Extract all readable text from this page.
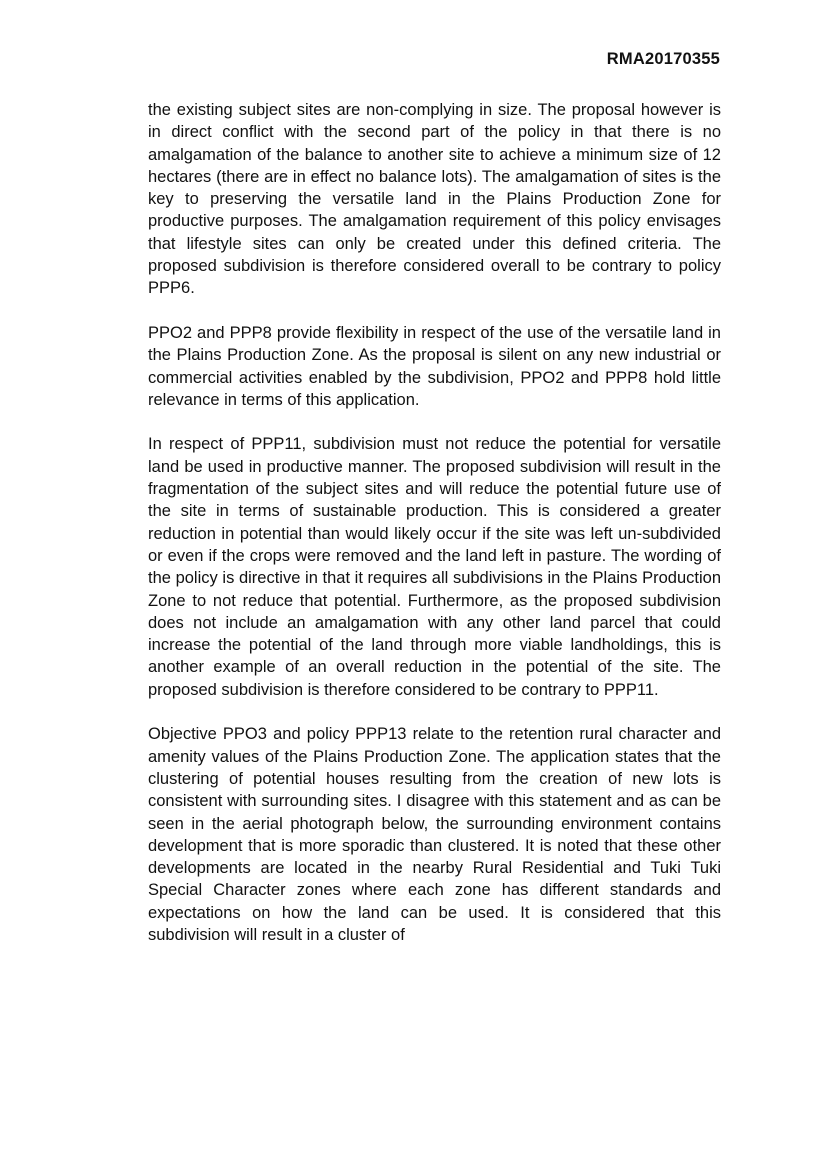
RMA20170355

the existing subject sites are non-complying in size. The proposal however is in direct conflict with the second part of the policy in that there is no amalgamation of the balance to another site to achieve a minimum size of 12 hectares (there are in effect no balance lots). The amalgamation of sites is the key to preserving the versatile land in the Plains Production Zone for productive purposes. The amalgamation requirement of this policy envisages that lifestyle sites can only be created under this defined criteria. The proposed subdivision is therefore considered overall to be contrary to policy PPP6.

PPO2 and PPP8 provide flexibility in respect of the use of the versatile land in the Plains Production Zone. As the proposal is silent on any new industrial or commercial activities enabled by the subdivision, PPO2 and PPP8 hold little relevance in terms of this application.

In respect of PPP11, subdivision must not reduce the potential for versatile land be used in productive manner. The proposed subdivision will result in the fragmentation of the subject sites and will reduce the potential future use of the site in terms of sustainable production. This is considered a greater reduction in potential than would likely occur if the site was left un-subdivided or even if the crops were removed and the land left in pasture. The wording of the policy is directive in that it requires all subdivisions in the Plains Production Zone to not reduce that potential. Furthermore, as the proposed subdivision does not include an amalgamation with any other land parcel that could increase the potential of the land through more viable landholdings, this is another example of an overall reduction in the potential of the site. The proposed subdivision is therefore considered to be contrary to PPP11.

Objective PPO3 and policy PPP13 relate to the retention rural character and amenity values of the Plains Production Zone. The application states that the clustering of potential houses resulting from the creation of new lots is consistent with surrounding sites. I disagree with this statement and as can be seen in the aerial photograph below, the surrounding environment contains development that is more sporadic than clustered. It is noted that these other developments are located in the nearby Rural Residential and Tuki Tuki Special Character zones where each zone has different standards and expectations on how the land can be used. It is considered that this subdivision will result in a cluster of
